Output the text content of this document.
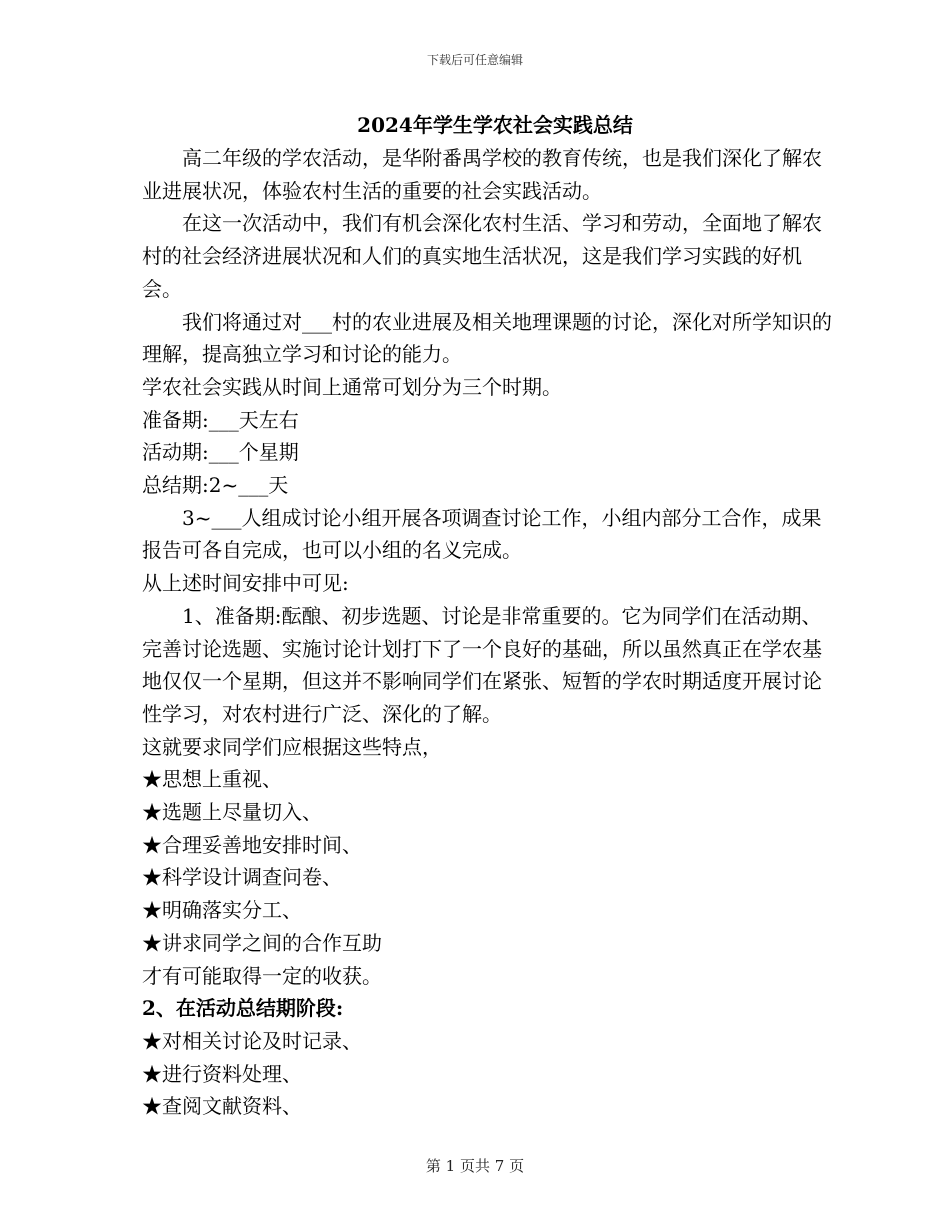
下载后可任意编辑
2024年学生学农社会实践总结

高二年级的学农活动，是华附番禺学校的教育传统，也是我们深化了解农业进展状况，体验农村生活的重要的社会实践活动。

在这一次活动中，我们有机会深化农村生活、学习和劳动，全面地了解农村的社会经济进展状况和人们的真实地生活状况，这是我们学习实践的好机会。

我们将通过对___村的农业进展及相关地理课题的讨论，深化对所学知识的理解，提高独立学习和讨论的能力。

学农社会实践从时间上通常可划分为三个时期。

准备期:___天左右

活动期:___个星期

总结期:2~___天

3~___人组成讨论小组开展各项调查讨论工作，小组内部分工合作，成果报告可各自完成，也可以小组的名义完成。

从上述时间安排中可见:

1、准备期:酝酿、初步选题、讨论是非常重要的。它为同学们在活动期、完善讨论选题、实施讨论计划打下了一个良好的基础，所以虽然真正在学农基地仅仅一个星期，但这并不影响同学们在紧张、短暂的学农时期适度开展讨论性学习，对农村进行广泛、深化的了解。

这就要求同学们应根据这些特点，

★思想上重视、

★选题上尽量切入、

★合理妥善地安排时间、

★科学设计调查问卷、

★明确落实分工、

★讲求同学之间的合作互助

才有可能取得一定的收获。

2、在活动总结期阶段:

★对相关讨论及时记录、

★进行资料处理、

★查阅文献资料、

第 1 页共 7 页
